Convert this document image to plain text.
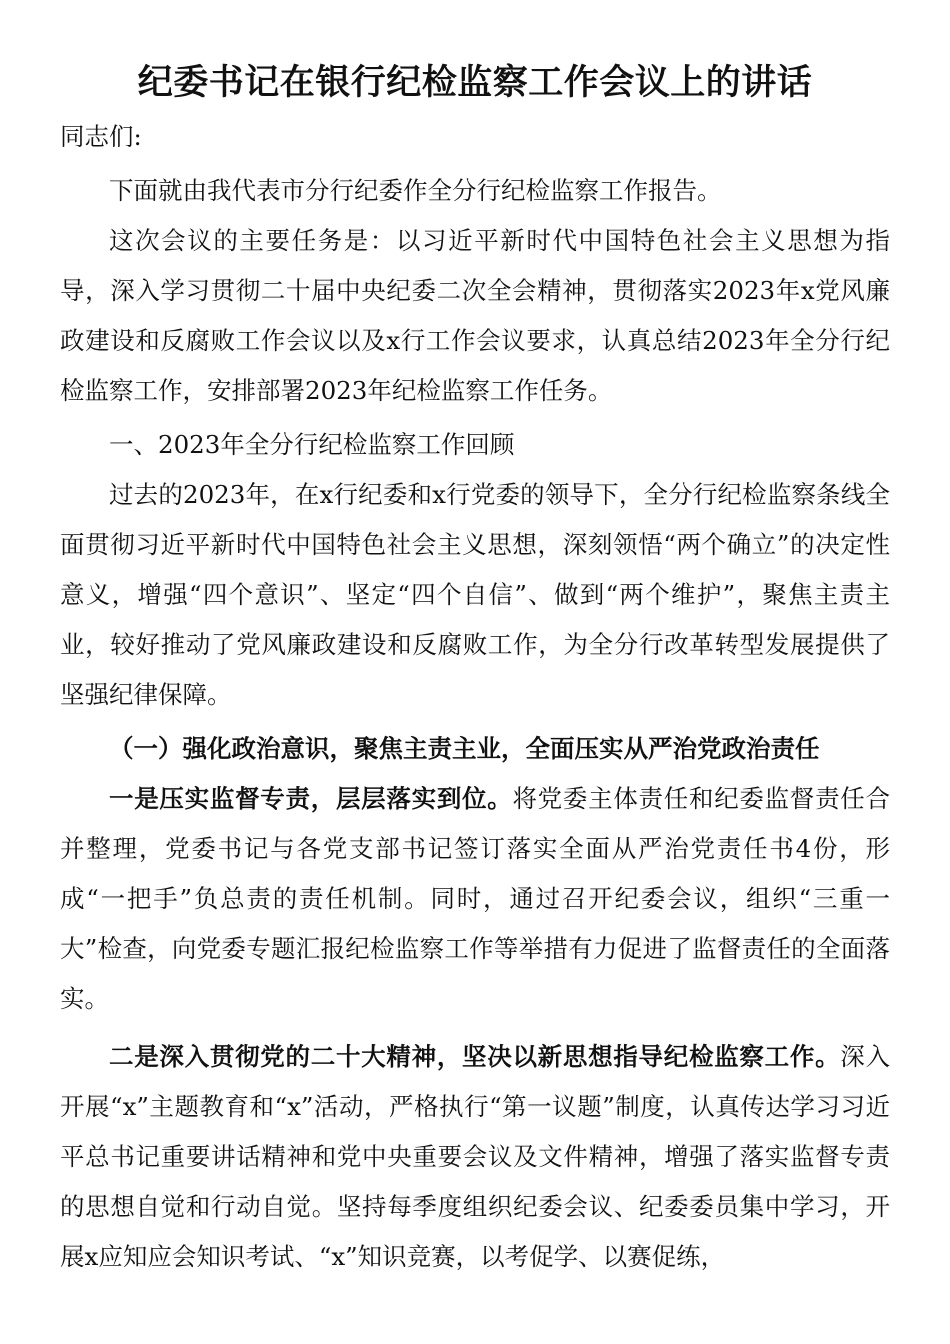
纪委书记在银行纪检监察工作会议上的讲话

同志们:

下面就由我代表市分行纪委作全分行纪检监察工作报告。

这次会议的主要任务是：以习近平新时代中国特色社会主义思想为指导，深入学习贯彻二十届中央纪委二次全会精神，贯彻落实2023年x党风廉政建设和反腐败工作会议以及x行工作会议要求，认真总结2023年全分行纪检监察工作，安排部署2023年纪检监察工作任务。

一、2023年全分行纪检监察工作回顾

过去的2023年，在x行纪委和x行党委的领导下，全分行纪检监察条线全面贯彻习近平新时代中国特色社会主义思想，深刻领悟“两个确立”的决定性意义，增强“四个意识”、坚定“四个自信”、做到“两个维护”，聚焦主责主业，较好推动了党风廉政建设和反腐败工作，为全分行改革转型发展提供了坚强纪律保障。

（一）强化政治意识，聚焦主责主业，全面压实从严治党政治责任

一是压实监督专责，层层落实到位。将党委主体责任和纪委监督责任合并整理，党委书记与各党支部书记签订落实全面从严治党责任书4份，形成“一把手”负总责的责任机制。同时，通过召开纪委会议，组织“三重一大”检查，向党委专题汇报纪检监察工作等举措有力促进了监督责任的全面落实。

二是深入贯彻党的二十大精神，坚决以新思想指导纪检监察工作。深入开展“x”主题教育和“x”活动，严格执行“第一议题”制度，认真传达学习习近平总书记重要讲话精神和党中央重要会议及文件精神，增强了落实监督专责的思想自觉和行动自觉。坚持每季度组织纪委会议、纪委委员集中学习，开展x应知应会知识考试、“x”知识竞赛，以考促学、以赛促练，
